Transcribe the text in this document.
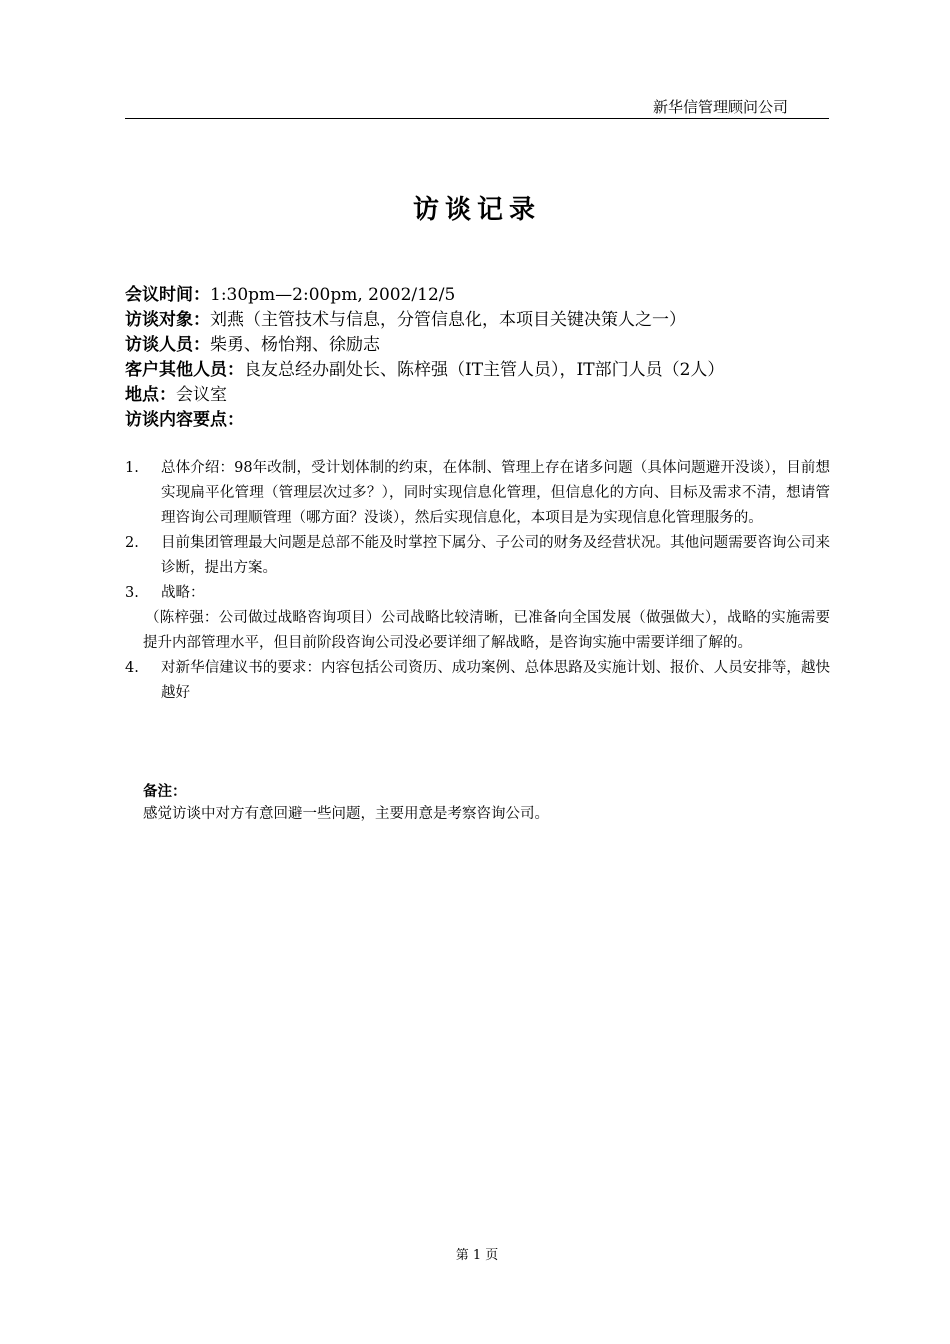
新华信管理顾问公司
访谈记录
会议时间：1:30pm—2:00pm, 2002/12/5
访谈对象：刘燕（主管技术与信息，分管信息化，本项目关键决策人之一）
访谈人员：柴勇、杨怡翔、徐励志
客户其他人员：良友总经办副处长、陈梓强（IT主管人员），IT部门人员（2人）
地点：会议室
访谈内容要点：
1. 总体介绍：98年改制，受计划体制的约束，在体制、管理上存在诸多问题（具体问题避开没谈），目前想实现扁平化管理（管理层次过多？），同时实现信息化管理，但信息化的方向、目标及需求不清，想请管理咨询公司理顺管理（哪方面？没谈），然后实现信息化，本项目是为实现信息化管理服务的。
2. 目前集团管理最大问题是总部不能及时掌控下属分、子公司的财务及经营状况。其他问题需要咨询公司来诊断，提出方案。
3. 战略：
（陈梓强：公司做过战略咨询项目）公司战略比较清晰，已准备向全国发展（做强做大），战略的实施需要提升内部管理水平，但目前阶段咨询公司没必要详细了解战略，是咨询实施中需要详细了解的。
4. 对新华信建议书的要求：内容包括公司资历、成功案例、总体思路及实施计划、报价、人员安排等，越快越好
备注：
感觉访谈中对方有意回避一些问题，主要用意是考察咨询公司。
第 1 页
